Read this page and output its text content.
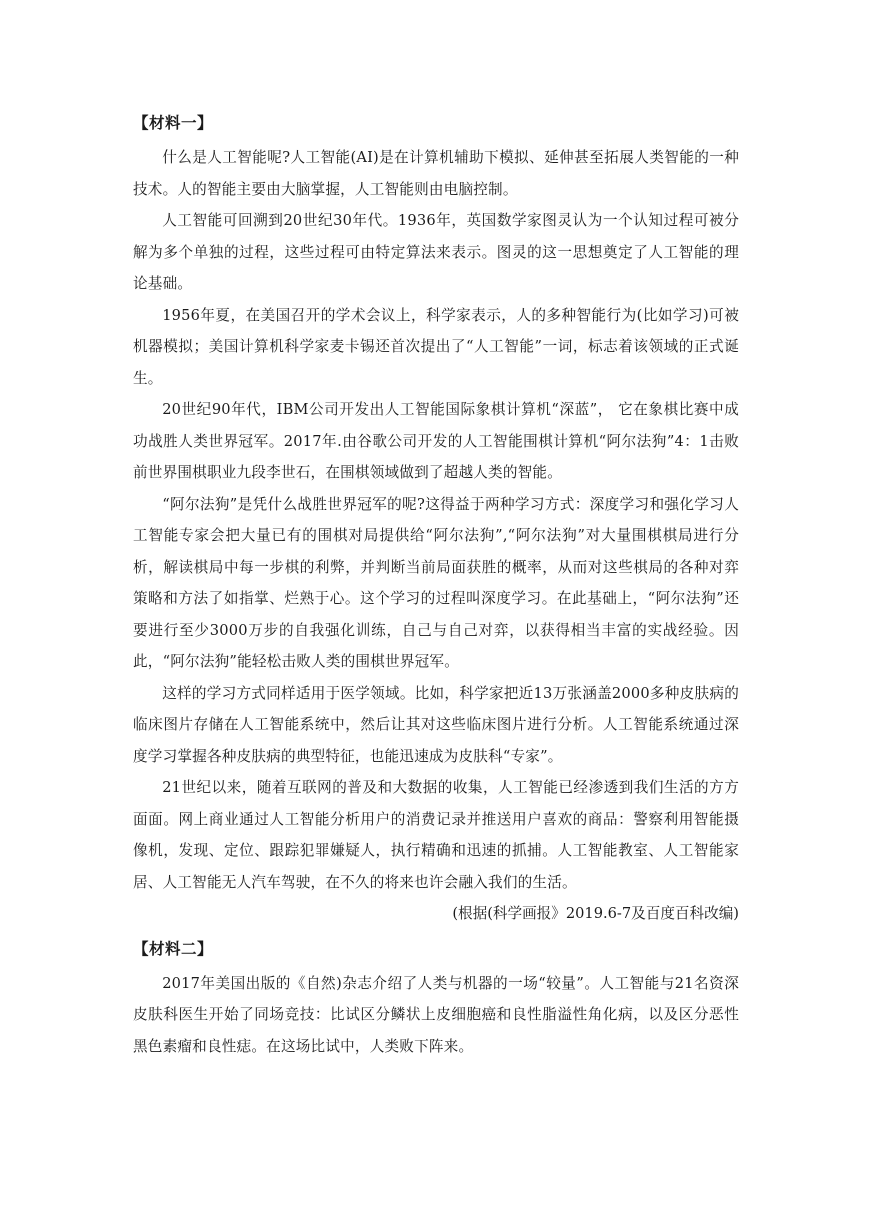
【材料一】

什么是人工智能呢?人工智能(AI)是在计算机辅助下模拟、延伸甚至拓展人类智能的一种技术。人的智能主要由大脑掌握，人工智能则由电脑控制。

人工智能可回溯到20世纪30年代。1936年，英国数学家图灵认为一个认知过程可被分解为多个单独的过程，这些过程可由特定算法来表示。图灵的这一思想奠定了人工智能的理论基础。

1956年夏，在美国召开的学术会议上，科学家表示，人的多种智能行为(比如学习)可被机器模拟；美国计算机科学家麦卡锡还首次提出了“人工智能”一词，标志着该领域的正式诞生。

20世纪90年代，IBM公司开发出人工智能国际象棋计算机“深蓝”， 它在象棋比赛中成功战胜人类世界冠军。2017年.由谷歌公司开发的人工智能围棋计算机“阿尔法狗”4：1击败前世界围棋职业九段李世石，在围棋领域做到了超越人类的智能。

“阿尔法狗”是凭什么战胜世界冠军的呢?这得益于两种学习方式：深度学习和强化学习人工智能专家会把大量已有的围棋对局提供给“阿尔法狗”,“阿尔法狗”对大量围棋棋局进行分析，解读棋局中每一步棋的利弊，并判断当前局面获胜的概率，从而对这些棋局的各种对弈策略和方法了如指掌、烂熟于心。这个学习的过程叫深度学习。在此基础上，“阿尔法狗”还要进行至少3000万步的自我强化训练，自己与自己对弈，以获得相当丰富的实战经验。因此，“阿尔法狗”能轻松击败人类的围棋世界冠军。

这样的学习方式同样适用于医学领域。比如，科学家把近13万张涵盖2000多种皮肤病的临床图片存储在人工智能系统中，然后让其对这些临床图片进行分析。人工智能系统通过深度学习掌握各种皮肤病的典型特征，也能迅速成为皮肤科“专家”。

21世纪以来，随着互联网的普及和大数据的收集，人工智能已经渗透到我们生活的方方面面。网上商业通过人工智能分析用户的消费记录并推送用户喜欢的商品：警察利用智能摄像机，发现、定位、跟踪犯罪嫌疑人，执行精确和迅速的抓捕。人工智能教室、人工智能家居、人工智能无人汽车驾驶，在不久的将来也许会融入我们的生活。

(根据(科学画报》2019.6-7及百度百科改编)
【材料二】

2017年美国出版的《自然)杂志介绍了人类与机器的一场“较量”。人工智能与21名资深皮肤科医生开始了同场竞技：比试区分鳞状上皮细胞癌和良性脂溢性角化病，以及区分恶性黑色素瘤和良性痣。在这场比试中，人类败下阵来。
